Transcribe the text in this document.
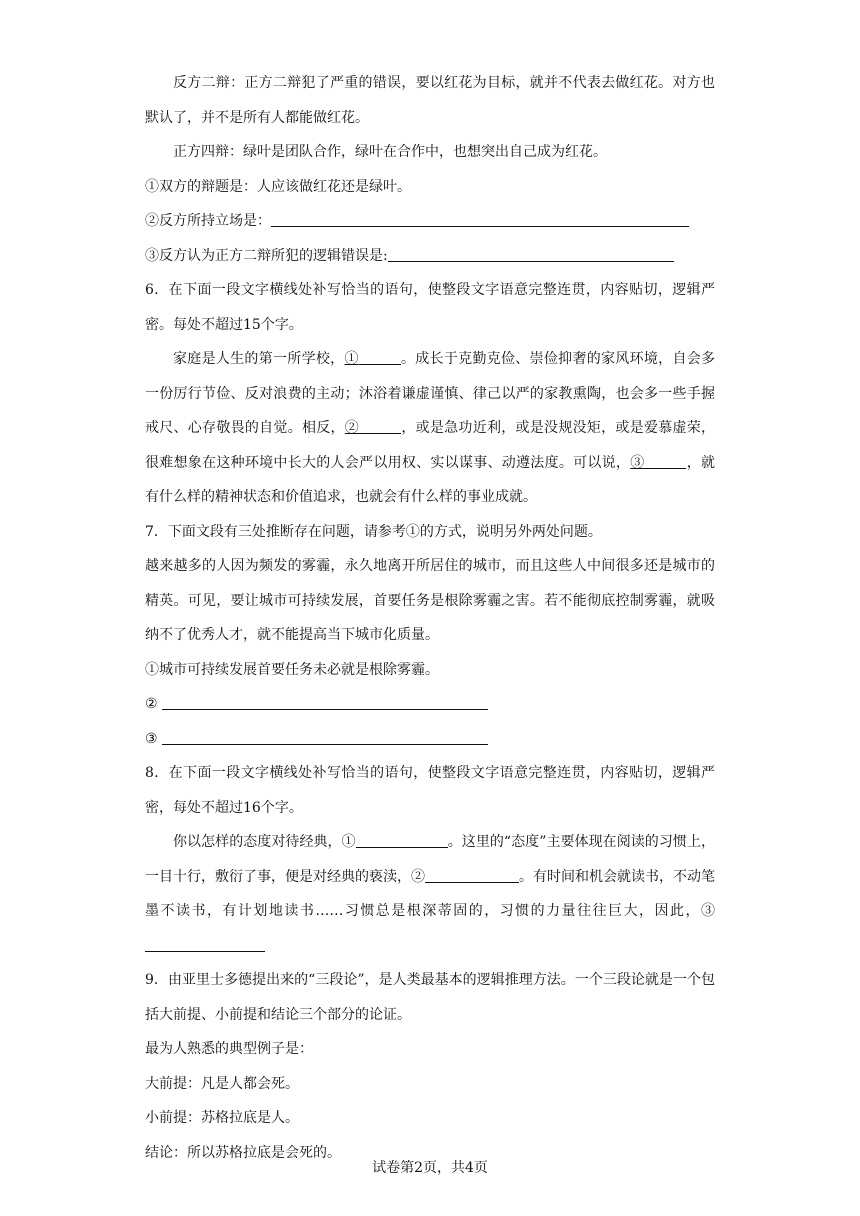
反方二辩：正方二辩犯了严重的错误，要以红花为目标，就并不代表去做红花。对方也默认了，并不是所有人都能做红花。

正方四辩：绿叶是团队合作，绿叶在合作中，也想突出自己成为红花。

①双方的辩题是：人应该做红花还是绿叶。

②反方所持立场是：

③反方认为正方二辩所犯的逻辑错误是:

6．在下面一段文字横线处补写恰当的语句，使整段文字语意完整连贯，内容贴切，逻辑严密。每处不超过15个字。

家庭是人生的第一所学校，①	。成长于克勤克俭、崇俭抑奢的家风环境，自会多一份厉行节俭、反对浪费的主动；沐浴着谦虚谨慎、律己以严的家教熏陶，也会多一些手握戒尺、心存敬畏的自觉。相反，②	，或是急功近利，或是没规没矩，或是爱慕虚荣，很难想象在这种环境中长大的人会严以用权、实以谋事、动遵法度。可以说，③	，就有什么样的精神状态和价值追求，也就会有什么样的事业成就。

7．下面文段有三处推断存在问题，请参考①的方式，说明另外两处问题。

越来越多的人因为频发的雾霾，永久地离开所居住的城市，而且这些人中间很多还是城市的精英。可见，要让城市可持续发展，首要任务是根除雾霾之害。若不能彻底控制雾霾，就吸纳不了优秀人才，就不能提高当下城市化质量。

①城市可持续发展首要任务未必就是根除雾霾。

②

③

8．在下面一段文字横线处补写恰当的语句，使整段文字语意完整连贯，内容贴切，逻辑严密，每处不超过16个字。

你以怎样的态度对待经典，①	。这里的“态度”主要体现在阅读的习惯上，一目十行，敷衍了事，便是对经典的亵渎，②	。有时间和机会就读书，不动笔墨不读书，有计划地读书……习惯总是根深蒂固的，习惯的力量往往巨大，因此，③

9．由亚里士多德提出来的“三段论”，是人类最基本的逻辑推理方法。一个三段论就是一个包括大前提、小前提和结论三个部分的论证。

最为人熟悉的典型例子是：

大前提：凡是人都会死。

小前提：苏格拉底是人。

结论：所以苏格拉底是会死的。

试卷第2页，共4页
